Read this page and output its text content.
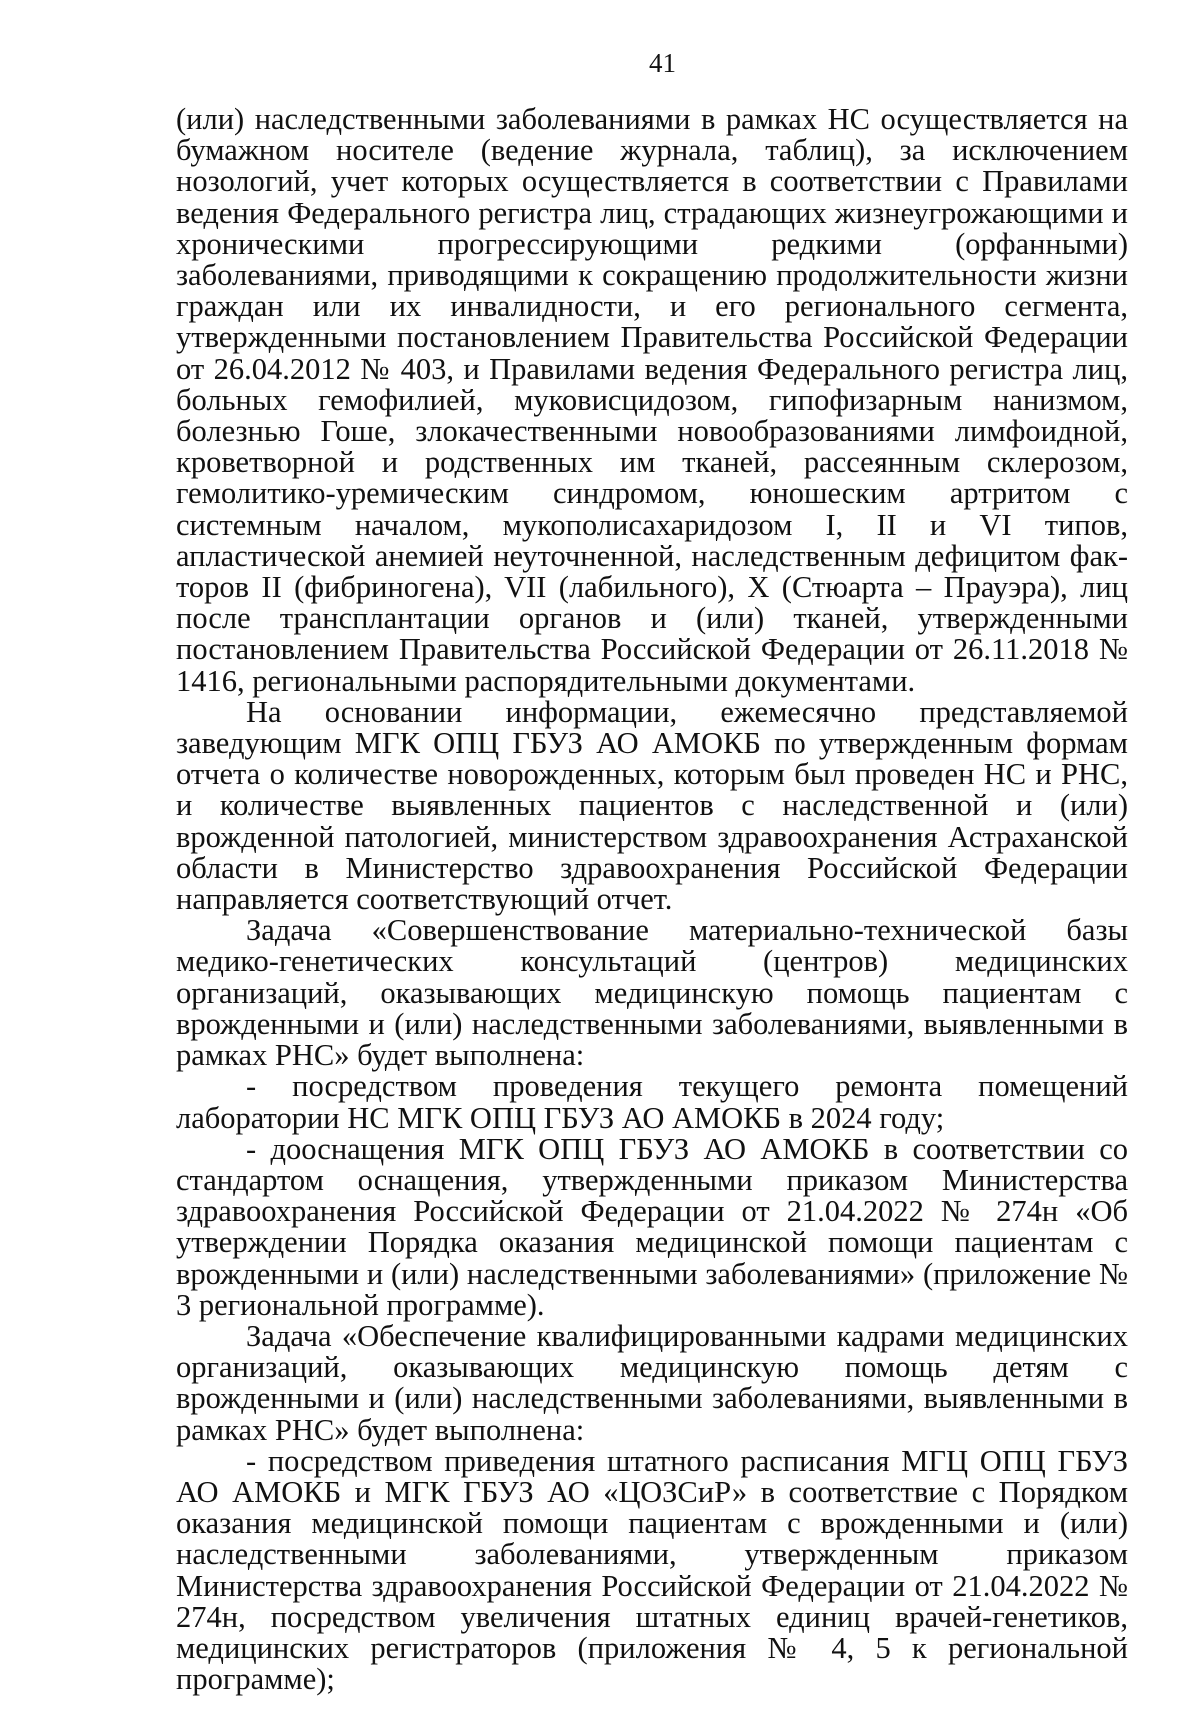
41

(или) наследственными заболеваниями в рамках НС осуществляется на бумажном носителе (ведение журнала, таблиц), за исключением нозологий, учет которых осуществляется в соответствии с Правилами ведения Федерального регистра лиц, страдающих жизнеугрожающими и хроническими прогрессирующими редкими (орфанными) заболеваниями, приводящими к сокращению продолжительности жизни граждан или их инвалидности, и его регионального сегмента, утвержденными постановлением Правительства Российской Федерации от 26.04.2012 № 403, и Правилами ведения Федерального регистра лиц, больных гемофилией, муковисцидозом, гипофизарным нанизмом, болезнью Гоше, злокачественными новообразованиями лимфоидной, кроветворной и родственных им тканей, рассеянным склерозом, гемолитико-уремическим синдромом, юношеским артритом с системным началом, мукополисахаридозом I, II и VI типов, апластической анемией неуточненной, наследственным дефицитом факторов II (фибриногена), VII (лабильного), X (Стюарта – Прауэра), лиц после трансплантации органов и (или) тканей, утвержденными постановлением Правительства Российской Федерации от 26.11.2018 № 1416, региональными распорядительными документами.

На основании информации, ежемесячно представляемой заведующим МГК ОПЦ ГБУЗ АО АМОКБ по утвержденным формам отчета о количестве новорожденных, которым был проведен НС и РНС, и количестве выявленных пациентов с наследственной и (или) врожденной патологией, министерством здравоохранения Астраханской области в Министерство здравоохранения Российской Федерации направляется соответствующий отчет.

Задача «Совершенствование материально-технической базы медико-генетических консультаций (центров) медицинских организаций, оказывающих медицинскую помощь пациентам с врожденными и (или) наследственными заболеваниями, выявленными в рамках РНС» будет выполнена:

- посредством проведения текущего ремонта помещений лаборатории НС МГК ОПЦ ГБУЗ АО АМОКБ в 2024 году;

- дооснащения МГК ОПЦ ГБУЗ АО АМОКБ в соответствии со стандартом оснащения, утвержденными приказом Министерства здравоохранения Российской Федерации от 21.04.2022 № 274н «Об утверждении Порядка оказания медицинской помощи пациентам с врожденными и (или) наследственными заболеваниями» (приложение № 3 региональной программе).

Задача «Обеспечение квалифицированными кадрами медицинских организаций, оказывающих медицинскую помощь детям с врожденными и (или) наследственными заболеваниями, выявленными в рамках РНС» будет выполнена:

- посредством приведения штатного расписания МГЦ ОПЦ ГБУЗ АО АМОКБ и МГК ГБУЗ АО «ЦОЗСиР» в соответствие с Порядком оказания медицинской помощи пациентам с врожденными и (или) наследственными заболеваниями, утвержденным приказом Министерства здравоохранения Российской Федерации от 21.04.2022 № 274н, посредством увеличения штатных единиц врачей-генетиков, медицинских регистраторов (приложения № 4, 5 к региональной программе);
